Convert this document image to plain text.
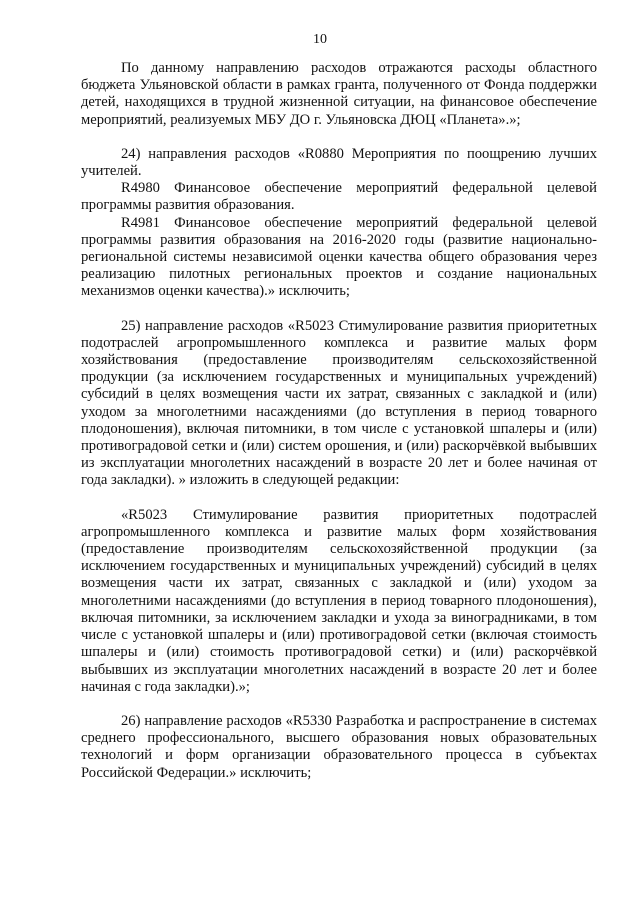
10

По данному направлению расходов отражаются расходы областного бюджета Ульяновской области в рамках гранта, полученного от Фонда поддержки детей, находящихся в трудной жизненной ситуации, на финансовое обеспечение мероприятий, реализуемых МБУ ДО г. Ульяновска ДЮЦ «Планета».»;

24) направления расходов «R0880 Мероприятия по поощрению лучших учителей.

R4980 Финансовое обеспечение мероприятий федеральной целевой программы развития образования.

R4981 Финансовое обеспечение мероприятий федеральной целевой программы развития образования на 2016-2020 годы (развитие национально-региональной системы независимой оценки качества общего образования через реализацию пилотных региональных проектов и создание национальных механизмов оценки качества).» исключить;

25) направление расходов «R5023 Стимулирование развития приоритетных подотраслей агропромышленного комплекса и развитие малых форм хозяйствования (предоставление производителям сельскохозяйственной продукции (за исключением государственных и муниципальных учреждений) субсидий в целях возмещения части их затрат, связанных с закладкой и (или) уходом за многолетними насаждениями (до вступления в период товарного плодоношения), включая питомники, в том числе с установкой шпалеры и (или) противоградовой сетки и (или) систем орошения, и (или) раскорчёвкой выбывших из эксплуатации многолетних насаждений в возрасте 20 лет и более начиная от года закладки). » изложить в следующей редакции:

«R5023 Стимулирование развития приоритетных подотраслей агропромышленного комплекса и развитие малых форм хозяйствования (предоставление производителям сельскохозяйственной продукции (за исключением государственных и муниципальных учреждений) субсидий в целях возмещения части их затрат, связанных с закладкой и (или) уходом за многолетними насаждениями (до вступления в период товарного плодоношения), включая питомники, за исключением закладки и ухода за виноградниками, в том числе с установкой шпалеры и (или) противоградовой сетки (включая стоимость шпалеры и (или) стоимость противоградовой сетки) и (или) раскорчёвкой выбывших из эксплуатации многолетних насаждений в возрасте 20 лет и более начиная с года закладки).»;

26) направление расходов «R5330 Разработка и распространение в системах среднего профессионального, высшего образования новых образовательных технологий и форм организации образовательного процесса в субъектах Российской Федерации.» исключить;
